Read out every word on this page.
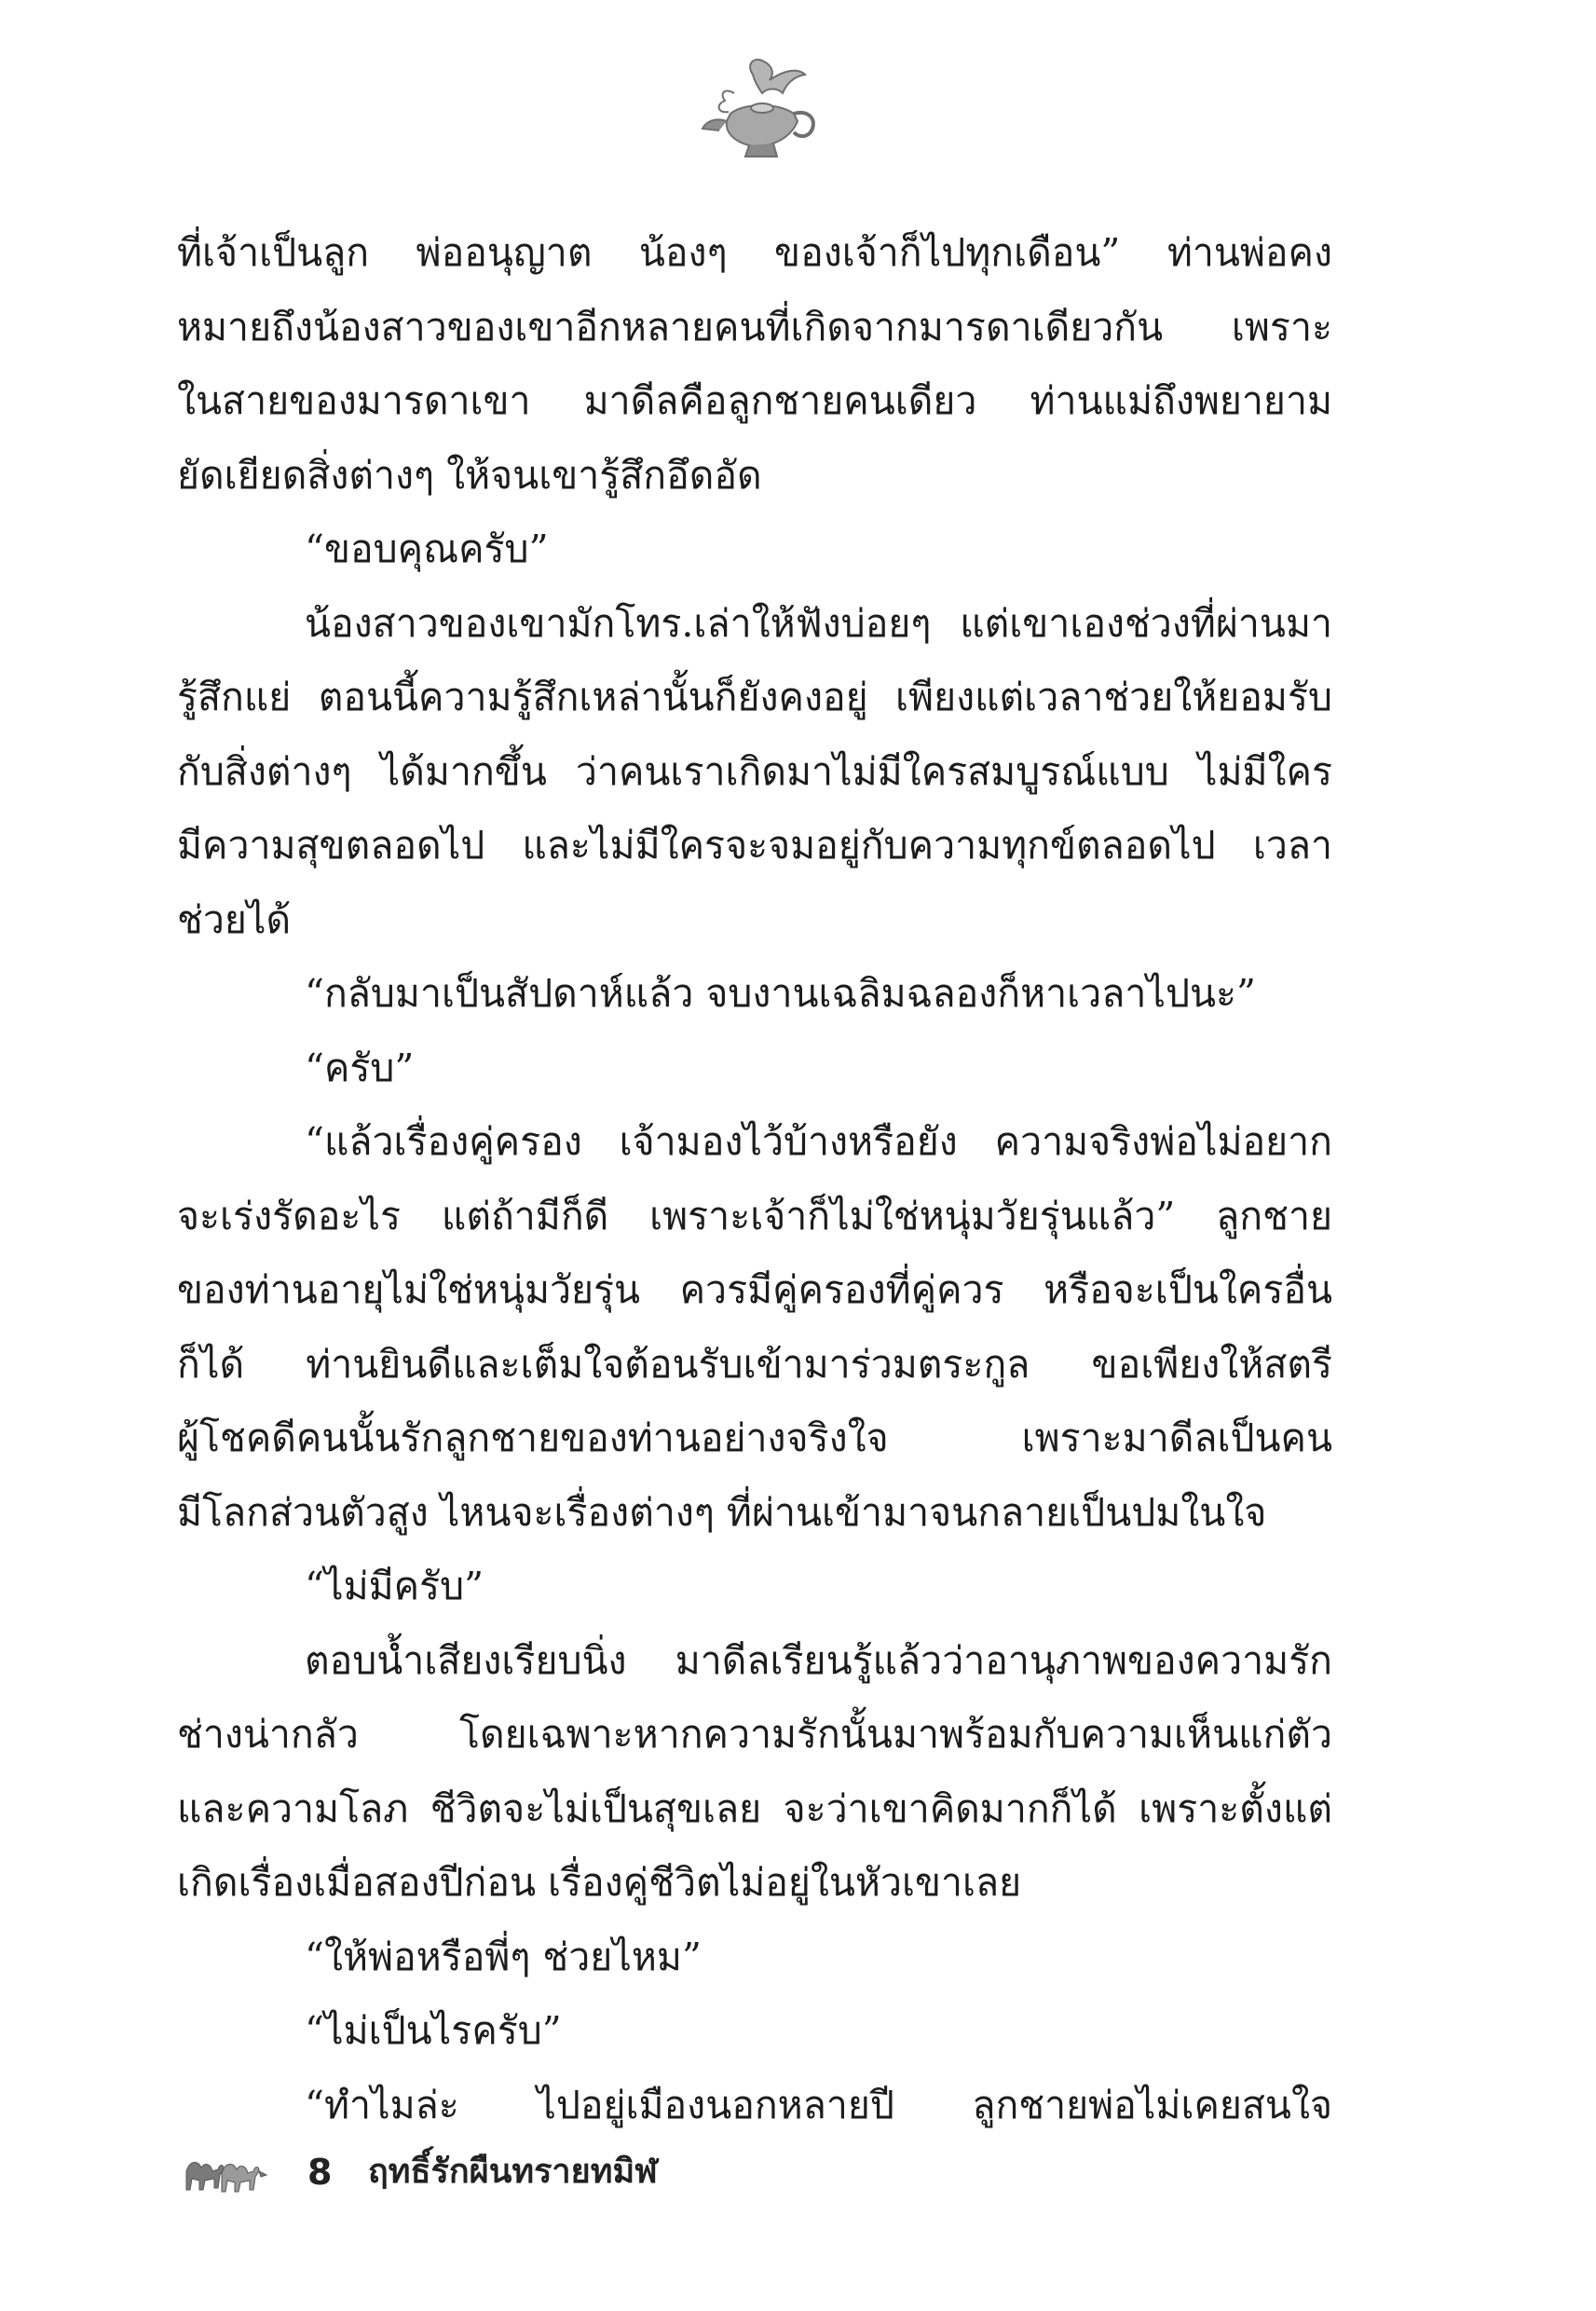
ที่เจ้าเป็นลูก พ่ออนุญาต น้องๆ ของเจ้าก็ไปทุกเดือน” ท่านพ่อคง
หมายถึงน้องสาวของเขาอีกหลายคนที่เกิดจากมารดาเดียวกัน เพราะ
ในสายของมารดาเขา มาดีลคือลูกชายคนเดียว ท่านแม่ถึงพยายาม
ยัดเยียดสิ่งต่างๆ ให้จนเขารู้สึกอึดอัด
“ขอบคุณครับ”
น้องสาวของเขามักโทร.เล่าให้ฟังบ่อยๆ แต่เขาเองช่วงที่ผ่านมา
รู้สึกแย่ ตอนนี้ความรู้สึกเหล่านั้นก็ยังคงอยู่ เพียงแต่เวลาช่วยให้ยอมรับ
กับสิ่งต่างๆ ได้มากขึ้น ว่าคนเราเกิดมาไม่มีใครสมบูรณ์แบบ ไม่มีใคร
มีความสุขตลอดไป และไม่มีใครจะจมอยู่กับความทุกข์ตลอดไป เวลา
ช่วยได้
“กลับมาเป็นสัปดาห์แล้ว จบงานเฉลิมฉลองก็หาเวลาไปนะ”
“ครับ”
“แล้วเรื่องคู่ครอง เจ้ามองไว้บ้างหรือยัง ความจริงพ่อไม่อยาก
จะเร่งรัดอะไร แต่ถ้ามีก็ดี เพราะเจ้าก็ไม่ใช่หนุ่มวัยรุ่นแล้ว” ลูกชาย
ของท่านอายุไม่ใช่หนุ่มวัยรุ่น ควรมีคู่ครองที่คู่ควร หรือจะเป็นใครอื่น
ก็ได้ ท่านยินดีและเต็มใจต้อนรับเข้ามาร่วมตระกูล ขอเพียงให้สตรี
ผู้โชคดีคนนั้นรักลูกชายของท่านอย่างจริงใจ เพราะมาดีลเป็นคน
มีโลกส่วนตัวสูง ไหนจะเรื่องต่างๆ ที่ผ่านเข้ามาจนกลายเป็นปมในใจ
“ไม่มีครับ”
ตอบน้ำเสียงเรียบนิ่ง มาดีลเรียนรู้แล้วว่าอานุภาพของความรัก
ช่างน่ากลัว โดยเฉพาะหากความรักนั้นมาพร้อมกับความเห็นแก่ตัว
และความโลภ ชีวิตจะไม่เป็นสุขเลย จะว่าเขาคิดมากก็ได้ เพราะตั้งแต่
เกิดเรื่องเมื่อสองปีก่อน เรื่องคู่ชีวิตไม่อยู่ในหัวเขาเลย
“ให้พ่อหรือพี่ๆ ช่วยไหม”
“ไม่เป็นไรครับ”
“ทำไมล่ะ ไปอยู่เมืองนอกหลายปี ลูกชายพ่อไม่เคยสนใจ
8 ฤทธิ์รักผืนทรายทมิฬ
